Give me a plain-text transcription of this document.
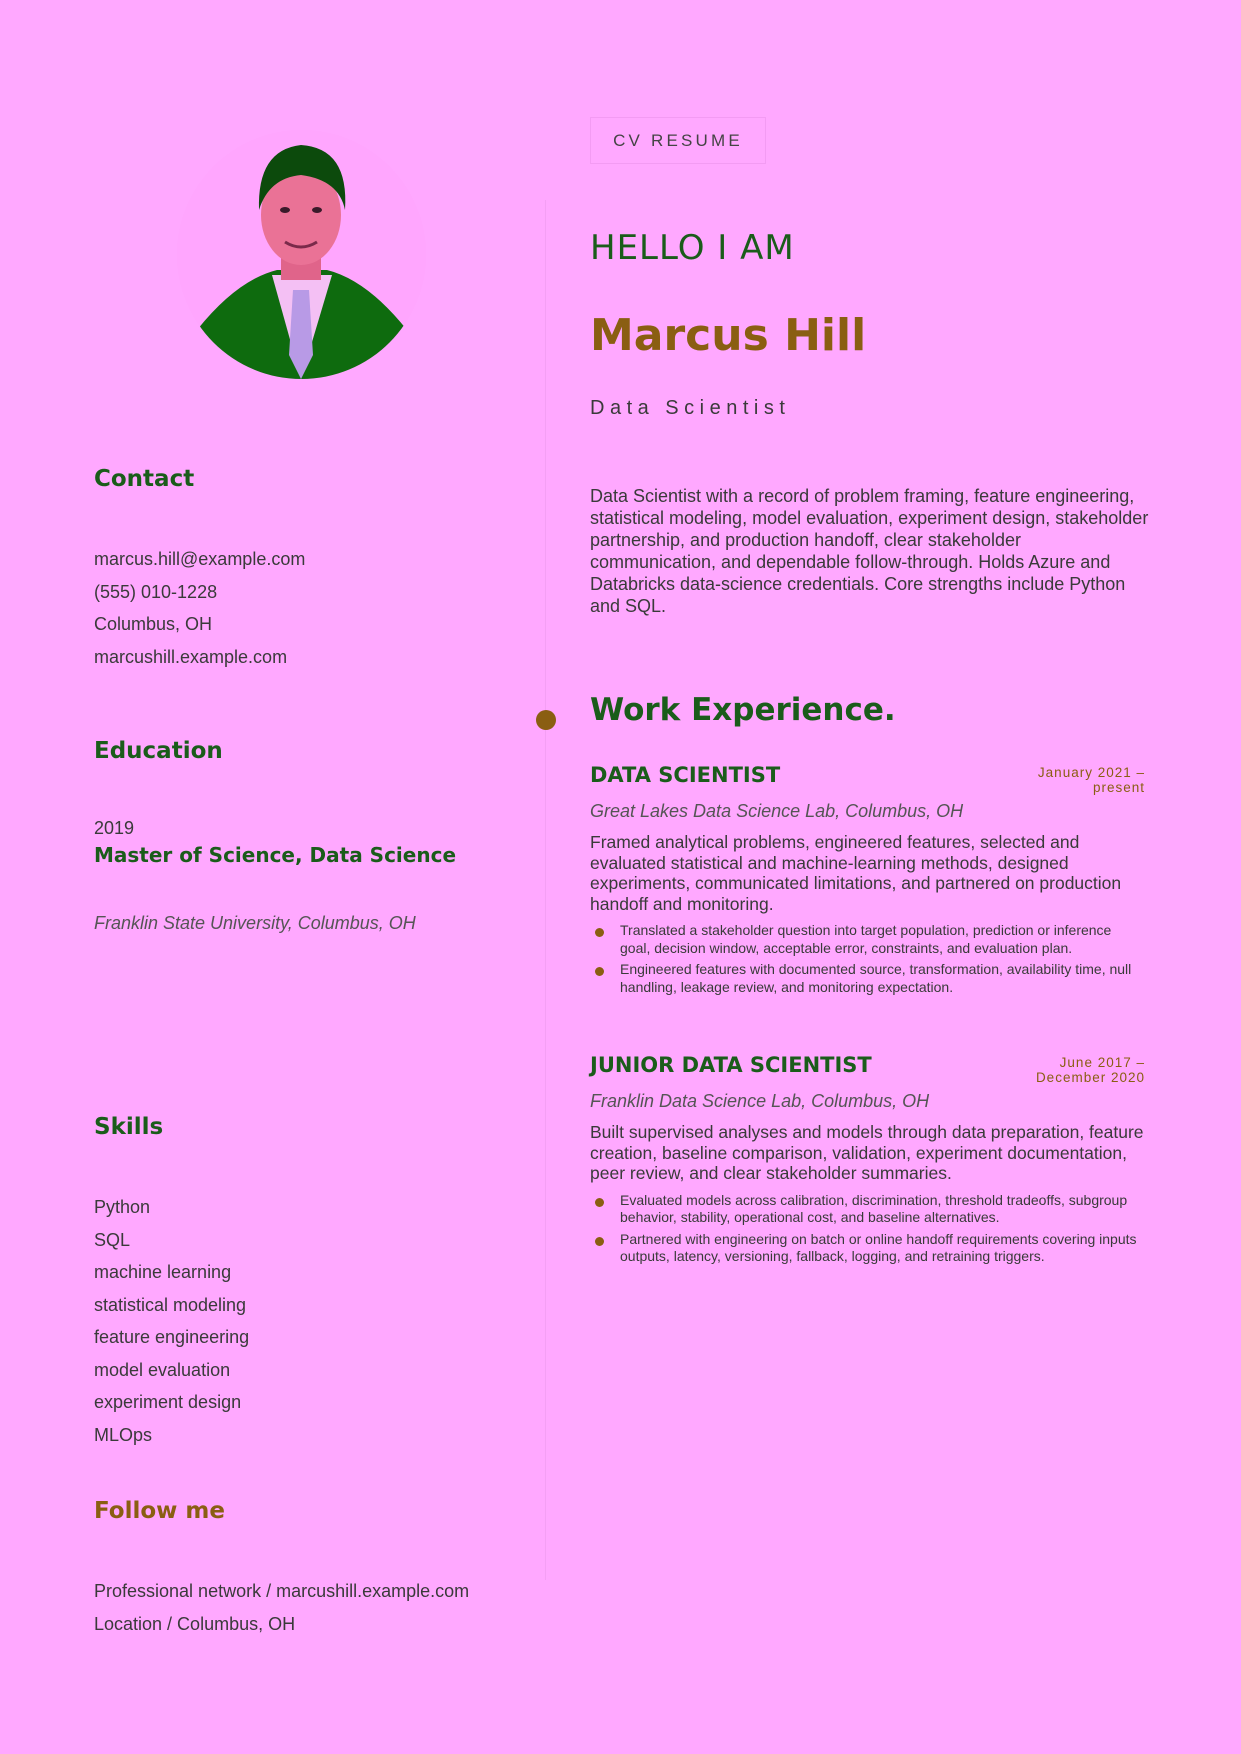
Contact
marcus.hill@example.com
(555) 010-1228
Columbus, OH
marcushill.example.com
Education
2019
Master of Science, Data Science
Franklin State University, Columbus, OH
Skills
Python
SQL
machine learning
statistical modeling
feature engineering
model evaluation
experiment design
MLOps
Follow me
Professional network / marcushill.example.com
Location / Columbus, OH
CV RESUME
HELLO I AM
Marcus Hill
Data Scientist

Data Scientist with a record of problem framing, feature engineering, statistical modeling, model evaluation, experiment design, stakeholder partnership, and production handoff, clear stakeholder communication, and dependable follow-through. Holds Azure and Databricks data-science credentials. Core strengths include Python and SQL.

Work Experience.
DATA SCIENTIST	January 2021 –
present
Great Lakes Data Science Lab, Columbus, OH

Framed analytical problems, engineered features, selected and evaluated statistical and machine-learning methods, designed experiments, communicated limitations, and partnered on production handoff and monitoring.

Translated a stakeholder question into target population, prediction or inference goal, decision window, acceptable error, constraints, and evaluation plan.
Engineered features with documented source, transformation, availability time, null handling, leakage review, and monitoring expectation.
JUNIOR DATA SCIENTIST	June 2017 –
December 2020
Franklin Data Science Lab, Columbus, OH

Built supervised analyses and models through data preparation, feature creation, baseline comparison, validation, experiment documentation, peer review, and clear stakeholder summaries.

Evaluated models across calibration, discrimination, threshold tradeoffs, subgroup behavior, stability, operational cost, and baseline alternatives.
Partnered with engineering on batch or online handoff requirements covering inputs outputs, latency, versioning, fallback, logging, and retraining triggers.
